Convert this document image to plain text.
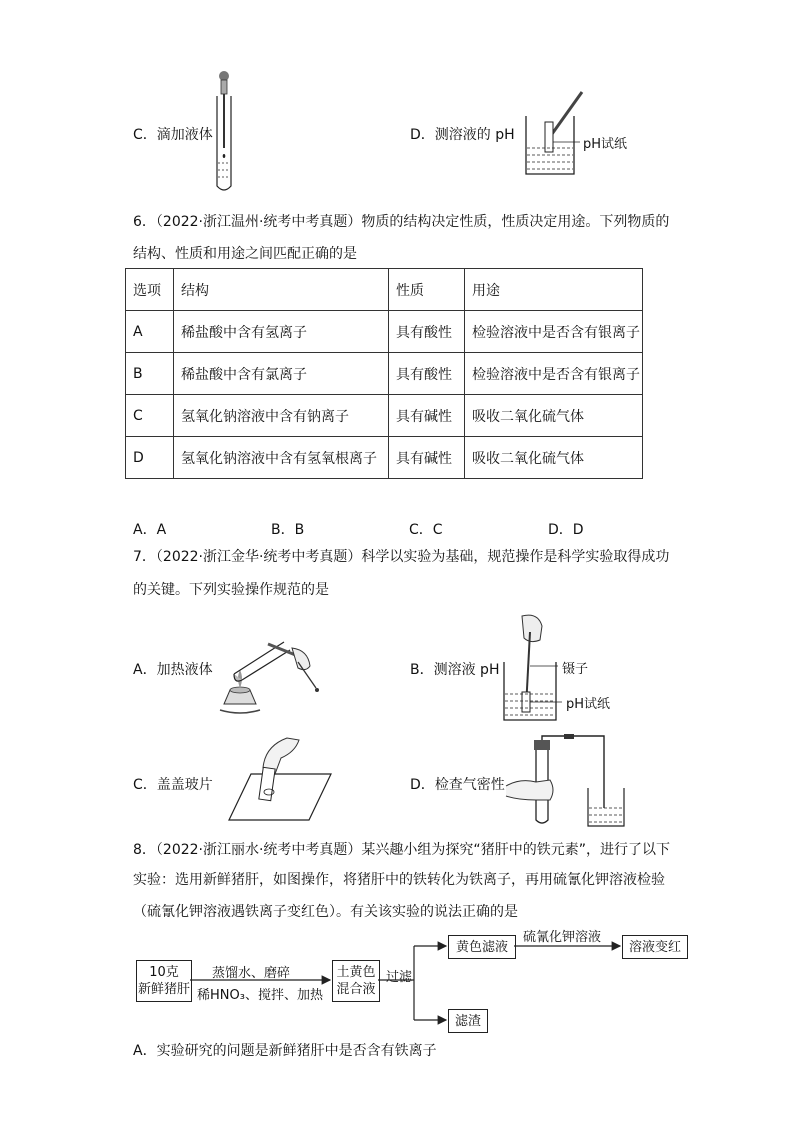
C．滴加液体	D．测溶液的 pH
pH试纸
6．（2022·浙江温州·统考中考真题）物质的结构决定性质，性质决定用途。下列物质的
结构、性质和用途之间匹配正确的是
选项	结构	性质	用途
A	稀盐酸中含有氢离子	具有酸性	检验溶液中是否含有银离子
B	稀盐酸中含有氯离子	具有酸性	检验溶液中是否含有银离子
C	氢氧化钠溶液中含有钠离子	具有碱性	吸收二氧化硫气体
D	氢氧化钠溶液中含有氢氧根离子	具有碱性	吸收二氧化硫气体
A．A	B．B	C．C	D．D
7．（2022·浙江金华·统考中考真题）科学以实验为基础，规范操作是科学实验取得成功
的关键。下列实验操作规范的是
A．加热液体	B．测溶液 pH	镊子
pH试纸
C．盖盖玻片	D．检查气密性
8．（2022·浙江丽水·统考中考真题）某兴趣小组为探究“猪肝中的铁元素”，进行了以下
实验：选用新鲜猪肝，如图操作，将猪肝中的铁转化为铁离子，再用硫氰化钾溶液检验
（硫氰化钾溶液遇铁离子变红色）。有关该实验的说法正确的是
10克
新鲜猪肝
蒸馏水、磨碎
稀HNO₃、搅拌、加热
土黄色
混合液
过滤
黄色滤液
硫氰化钾溶液
溶液变红
滤渣
A．实验研究的问题是新鲜猪肝中是否含有铁离子
